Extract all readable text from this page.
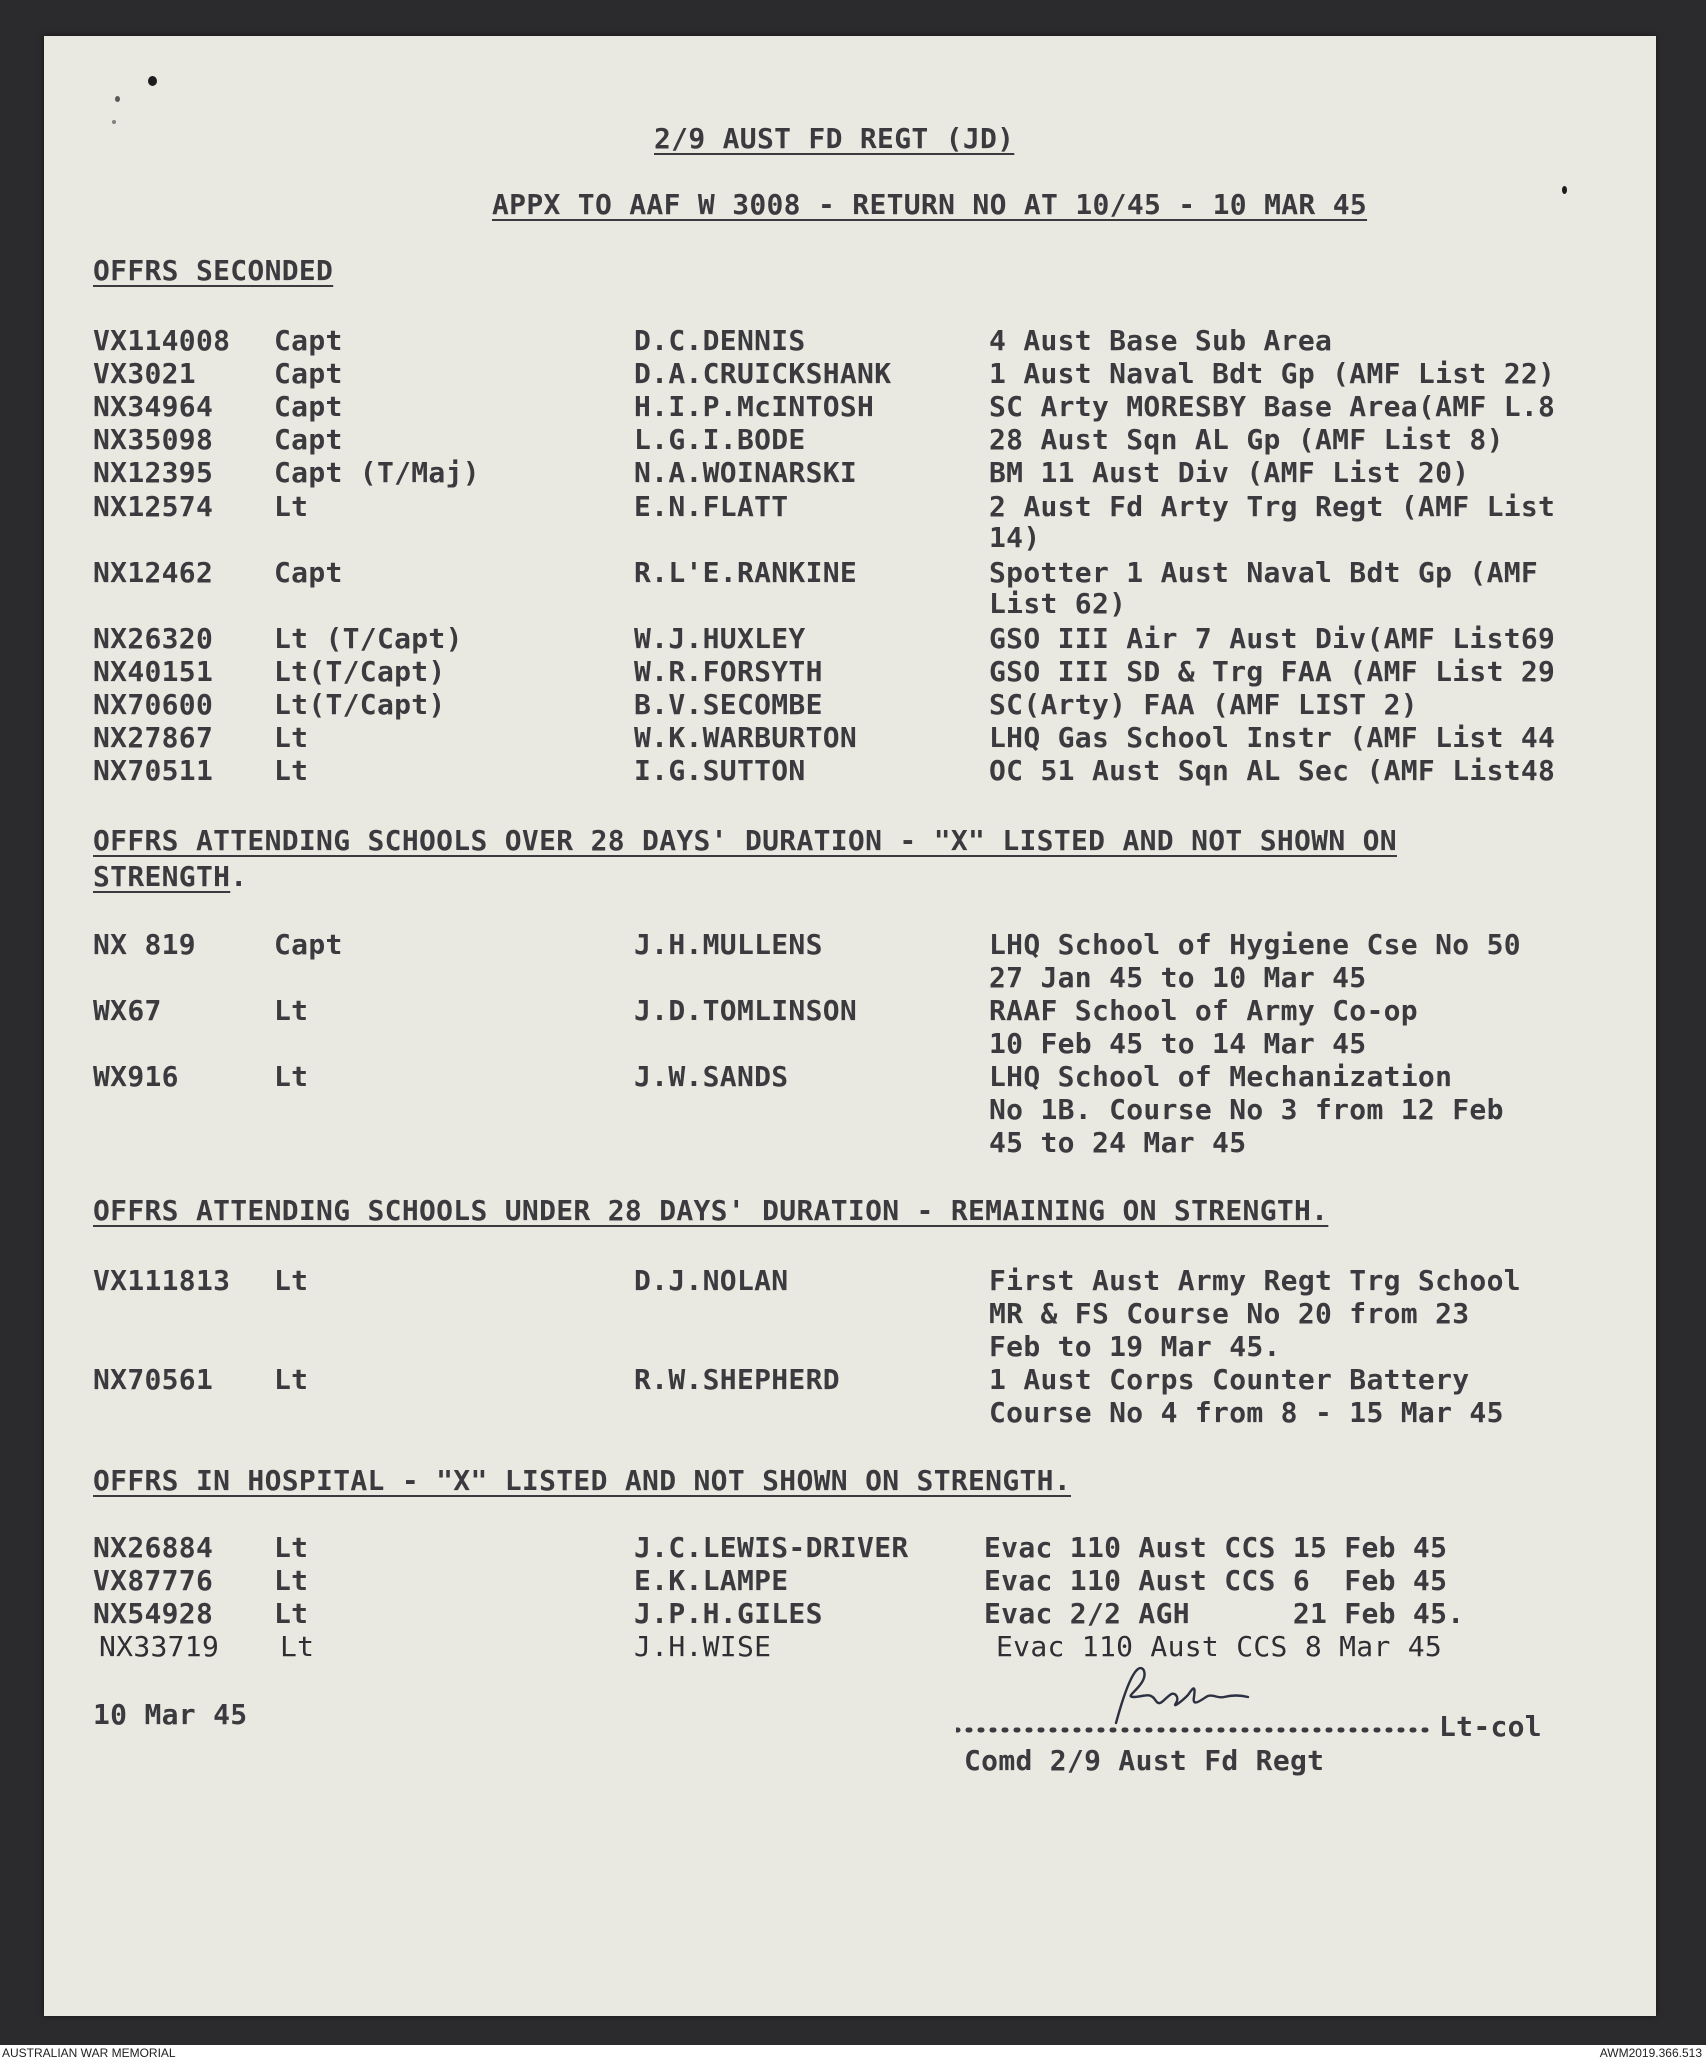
2/9 AUST FD REGT (JD)
APPX TO AAF W 3008 - RETURN NO AT 10/45 - 10 MAR 45
OFFRS SECONDED
VX114008 Capt	D.C.DENNIS	4 Aust Base Sub Area
VX3021	Capt	D.A.CRUICKSHANK	1 Aust Naval Bdt Gp (AMF List 22)
NX34964 Capt	H.I.P.McINTOSH	SC Arty MORESBY Base Area(AMF L.8
NX35098 Capt	L.G.I.BODE	28 Aust Sqn AL Gp (AMF List 8)
NX12395 Capt (T/Maj)	N.A.WOINARSKI	BM 11 Aust Div (AMF List 20)
NX12574 Lt	E.N.FLATT	2 Aust Fd Arty Trg Regt (AMF List
14)
NX12462 Capt	R.L'E.RANKINE	Spotter 1 Aust Naval Bdt Gp (AMF
List 62)
NX26320 Lt (T/Capt)	W.J.HUXLEY	GSO III Air 7 Aust Div(AMF List69
NX40151 Lt(T/Capt)	W.R.FORSYTH	GSO III SD & Trg FAA (AMF List 29
NX70600 Lt(T/Capt)	B.V.SECOMBE	SC(Arty) FAA (AMF LIST 2)
NX27867 Lt	W.K.WARBURTON	LHQ Gas School Instr (AMF List 44
NX70511 Lt	I.G.SUTTON	OC 51 Aust Sqn AL Sec (AMF List48
OFFRS ATTENDING SCHOOLS OVER 28 DAYS' DURATION - "X" LISTED AND NOT SHOWN ON
STRENGTH.
NX 819	Capt	J.H.MULLENS	LHQ School of Hygiene Cse No 50
27 Jan 45 to 10 Mar 45
WX67	Lt	J.D.TOMLINSON	RAAF School of Army Co-op
10 Feb 45 to 14 Mar 45
WX916	Lt	J.W.SANDS	LHQ School of Mechanization
No 1B. Course No 3 from 12 Feb
45 to 24 Mar 45
OFFRS ATTENDING SCHOOLS UNDER 28 DAYS' DURATION - REMAINING ON STRENGTH.
VX111813 Lt	D.J.NOLAN	First Aust Army Regt Trg School
MR & FS Course No 20 from 23
Feb to 19 Mar 45.
NX70561 Lt	R.W.SHEPHERD	1 Aust Corps Counter Battery
Course No 4 from 8 - 15 Mar 45
OFFRS IN HOSPITAL - "X" LISTED AND NOT SHOWN ON STRENGTH.
NX26884 Lt	J.C.LEWIS-DRIVER	Evac 110 Aust CCS 15 Feb 45
VX87776 Lt	E.K.LAMPE	Evac 110 Aust CCS 6  Feb 45
NX54928 Lt	J.P.H.GILES	Evac 2/2 AGH      21 Feb 45.
NX33719 Lt	J.H.WISE	Evac 110 Aust CCS 8 Mar 45
10 Mar 45	Lt-col
Comd 2/9 Aust Fd Regt
AUSTRALIAN WAR MEMORIAL	AWM2019.366.513
